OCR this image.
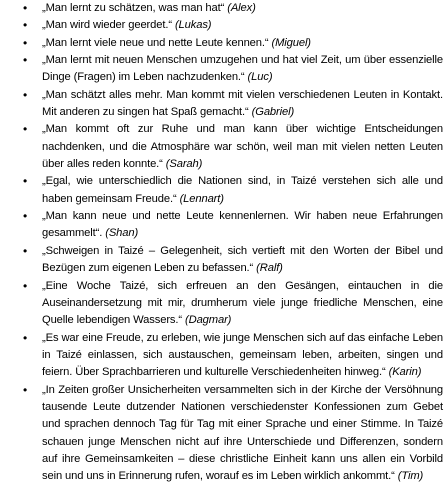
• „Man lernt zu schätzen, was man hat“ (Alex)
• „Man wird wieder geerdet.“ (Lukas)
• „Man lernt viele neue und nette Leute kennen.“ (Miguel)
• „Man lernt mit neuen Menschen umzugehen und hat viel Zeit, um über essenzielle Dinge (Fragen) im Leben nachzudenken.“ (Luc)
• „Man schätzt alles mehr. Man kommt mit vielen verschiedenen Leuten in Kontakt. Mit anderen zu singen hat Spaß gemacht.“ (Gabriel)
• „Man kommt oft zur Ruhe und man kann über wichtige Entscheidungen nachdenken, und die Atmosphäre war schön, weil man mit vielen netten Leuten über alles reden konnte.“ (Sarah)
• „Egal, wie unterschiedlich die Nationen sind, in Taizé verstehen sich alle und haben gemeinsam Freude.“ (Lennart)
• „Man kann neue und nette Leute kennenlernen. Wir haben neue Erfahrungen gesammelt“. (Shan)
• „Schweigen in Taizé – Gelegenheit, sich vertieft mit den Worten der Bibel und Bezügen zum eigenen Leben zu befassen.“ (Ralf)
• „Eine Woche Taizé, sich erfreuen an den Gesängen, eintauchen in die Auseinandersetzung mit mir, drumherum viele junge friedliche Menschen, eine Quelle lebendigen Wassers.“ (Dagmar)
• „Es war eine Freude, zu erleben, wie junge Menschen sich auf das einfache Leben in Taizé einlassen, sich austauschen, gemeinsam leben, arbeiten, singen und feiern. Über Sprachbarrieren und kulturelle Verschiedenheiten hinweg.“ (Karin)
• „In Zeiten großer Unsicherheiten versammelten sich in der Kirche der Versöhnung tausende Leute dutzender Nationen verschiedenster Konfessionen zum Gebet und sprachen dennoch Tag für Tag mit einer Sprache und einer Stimme. In Taizé schauen junge Menschen nicht auf ihre Unterschiede und Differenzen, sondern auf ihre Gemeinsamkeiten – diese christliche Einheit kann uns allen ein Vorbild sein und uns in Erinnerung rufen, worauf es im Leben wirklich ankommt.“ (Tim)
